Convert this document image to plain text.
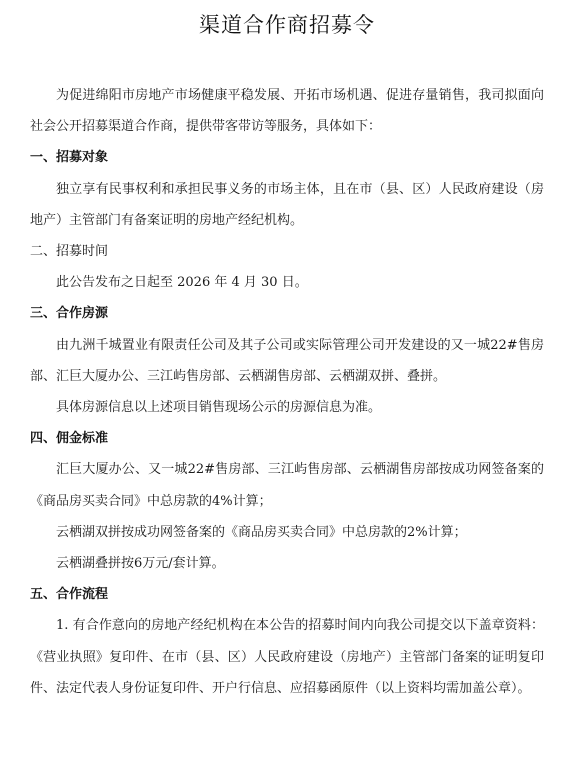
渠道合作商招募令

为促进绵阳市房地产市场健康平稳发展、开拓市场机遇、促进存量销售，我司拟面向社会公开招募渠道合作商，提供带客带访等服务，具体如下：

一、招募对象

独立享有民事权利和承担民事义务的市场主体，且在市（县、区）人民政府建设（房地产）主管部门有备案证明的房地产经纪机构。

二、招募时间

此公告发布之日起至 2026 年 4 月 30 日。

三、合作房源

由九洲千城置业有限责任公司及其子公司或实际管理公司开发建设的又一城22#售房部、汇巨大厦办公、三江屿售房部、云栖湖售房部、云栖湖双拼、叠拼。

具体房源信息以上述项目销售现场公示的房源信息为准。

四、佣金标准

汇巨大厦办公、又一城22#售房部、三江屿售房部、云栖湖售房部按成功网签备案的《商品房买卖合同》中总房款的4%计算；

云栖湖双拼按成功网签备案的《商品房买卖合同》中总房款的2%计算；

云栖湖叠拼按6万元/套计算。

五、合作流程

1. 有合作意向的房地产经纪机构在本公告的招募时间内向我公司提交以下盖章资料：《营业执照》复印件、在市（县、区）人民政府建设（房地产）主管部门备案的证明复印件、法定代表人身份证复印件、开户行信息、应招募函原件（以上资料均需加盖公章）。
